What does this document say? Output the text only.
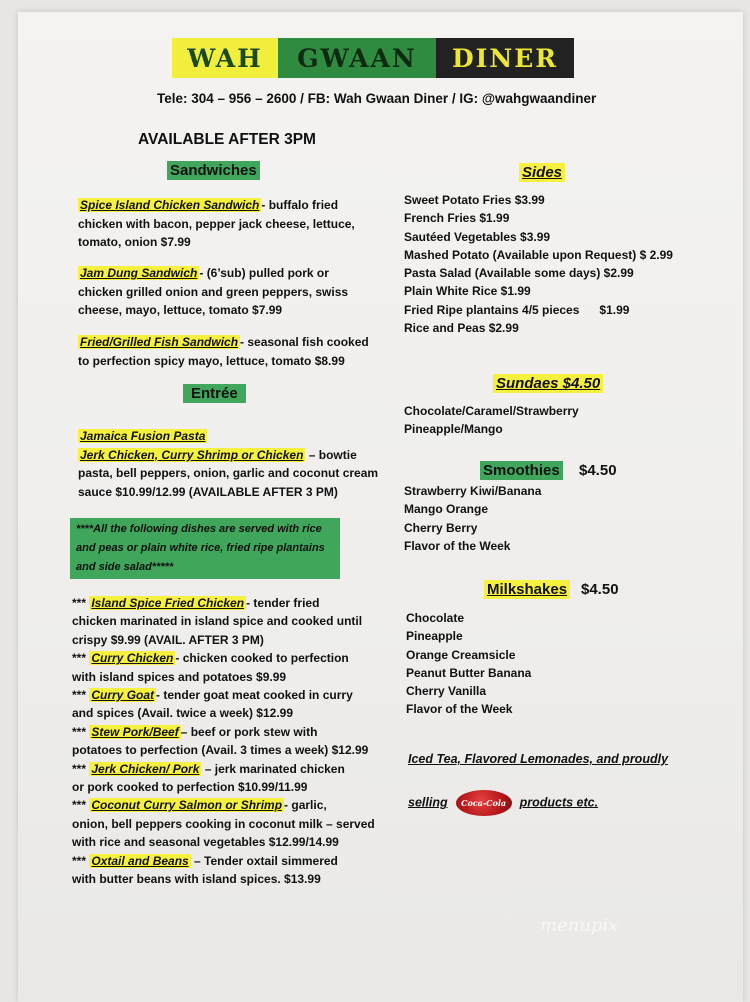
WAH	GWAAN	DINER
Tele: 304 – 956 – 2600 / FB: Wah Gwaan Diner / IG: @wahgwaandiner
AVAILABLE AFTER 3PM
Sandwiches
Spice Island Chicken Sandwich - buffalo fried
chicken with bacon, pepper jack cheese, lettuce,
tomato, onion $7.99
Jam Dung Sandwich - (6’sub) pulled pork or
chicken grilled onion and green peppers, swiss
cheese, mayo, lettuce, tomato $7.99
Fried/Grilled Fish Sandwich - seasonal fish cooked
to perfection spicy mayo, lettuce, tomato $8.99
Entrée
Jamaica Fusion Pasta
Jerk Chicken, Curry Shrimp or Chicken – bowtie
pasta, bell peppers, onion, garlic and coconut cream
sauce $10.99/12.99 (AVAILABLE AFTER 3 PM)
****All the following dishes are served with rice and peas or plain white rice, fried ripe plantains and side salad*****
*** Island Spice Fried Chicken - tender fried
chicken marinated in island spice and cooked until
crispy $9.99 (AVAIL. AFTER 3 PM)
*** Curry Chicken - chicken cooked to perfection
with island spices and potatoes $9.99
*** Curry Goat - tender goat meat cooked in curry
and spices (Avail. twice a week) $12.99
*** Stew Pork/Beef – beef or pork stew with
potatoes to perfection (Avail. 3 times a week) $12.99
*** Jerk Chicken/ Pork – jerk marinated chicken
or pork cooked to perfection $10.99/11.99
*** Coconut Curry Salmon or Shrimp - garlic,
onion, bell peppers cooking in coconut milk – served
with rice and seasonal vegetables $12.99/14.99
*** Oxtail and Beans – Tender oxtail simmered
with butter beans with island spices. $13.99
Sides
Sweet Potato Fries $3.99
French Fries $1.99
Sautéed Vegetables $3.99
Mashed Potato (Available upon Request) $ 2.99
Pasta Salad (Available some days) $2.99
Plain White Rice $1.99
Fried Ripe plantains 4/5 pieces      $1.99
Rice and Peas $2.99
Sundaes $4.50
Chocolate/Caramel/Strawberry
Pineapple/Mango
Smoothies $4.50
Strawberry Kiwi/Banana
Mango Orange
Cherry Berry
Flavor of the Week
Milkshakes $4.50
Chocolate
Pineapple
Orange Creamsicle
Peanut Butter Banana
Cherry Vanilla
Flavor of the Week
Iced Tea, Flavored Lemonades, and proudly
selling Coca-Cola products etc.
menupix
